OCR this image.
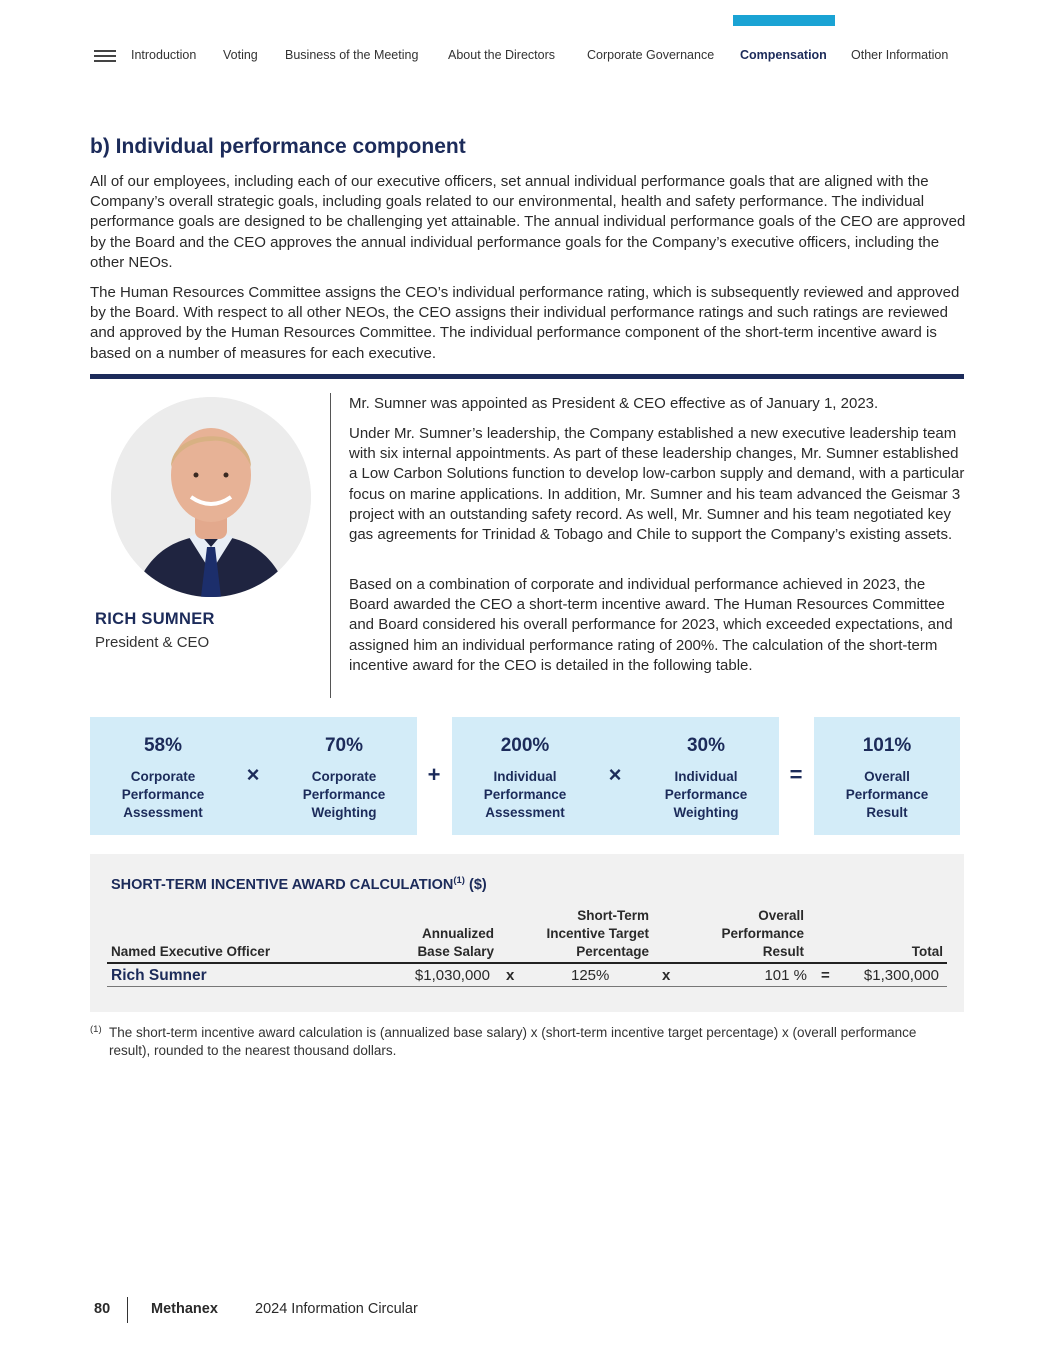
Introduction Voting Business of the Meeting About the Directors	Corporate Governance Compensation Other Information
b) Individual performance component

All of our employees, including each of our executive officers, set annual individual performance goals that are aligned with the Company’s overall strategic goals, including goals related to our environmental, health and safety performance. The individual performance goals are designed to be challenging yet attainable. The annual individual performance goals of the CEO are approved by the Board and the CEO approves the annual individual performance goals for the Company’s executive officers, including the other NEOs.

The Human Resources Committee assigns the CEO’s individual performance rating, which is subsequently reviewed and approved by the Board. With respect to all other NEOs, the CEO assigns their individual performance ratings and such ratings are reviewed and approved by the Human Resources Committee. The individual performance component of the short-term incentive award is based on a number of measures for each executive.

RICH SUMNER
President & CEO

Mr. Sumner was appointed as President & CEO effective as of January 1, 2023.

Under Mr. Sumner’s leadership, the Company established a new executive leadership team with six internal appointments. As part of these leadership changes, Mr. Sumner established a Low Carbon Solutions function to develop low-carbon supply and demand, with a particular focus on marine applications. In addition, Mr. Sumner and his team advanced the Geismar 3 project with an outstanding safety record. As well, Mr. Sumner and his team negotiated key gas agreements for Trinidad & Tobago and Chile to support the Company’s existing assets.

Based on a combination of corporate and individual performance achieved in 2023, the Board awarded the CEO a short-term incentive award. The Human Resources Committee and Board considered his overall performance for 2023, which exceeded expectations, and assigned him an individual performance rating of 200%. The calculation of the short-term incentive award for the CEO is detailed in the following table.

58%
Corporate Performance Assessment
×
70%
Corporate Performance Weighting
+
200%
Individual Performance Assessment
×
30%
Individual Performance Weighting
=
101%
Overall Performance Result
SHORT-TERM INCENTIVE AWARD CALCULATION$^{(1)}$ ($)
Named Executive Officer
Annualized Base Salary
Short-Term Incentive Target Percentage
Overall Performance Result	Total
Rich Sumner	$1,030,000 x	125%	x	101 % =	$1,300,000
(1) The short-term incentive award calculation is (annualized base salary) x (short-term incentive target percentage) x (overall performance result), rounded to the nearest thousand dollars.

80	Methanex	2024 Information Circular
